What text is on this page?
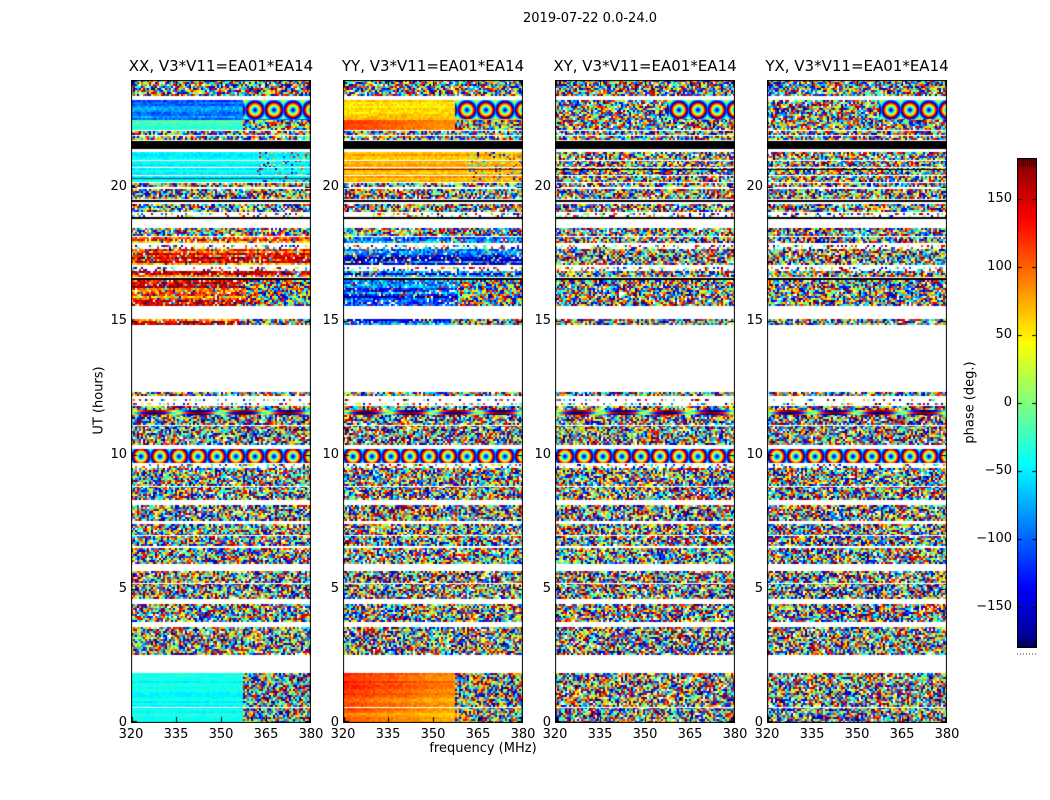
2019-07-22 0.0-24.0
XX, V3*V11=EA01*EA14	YY, V3*V11=EA01*EA14	XY, V3*V11=EA01*EA14	YX, V3*V11=EA01*EA14
UT (hours)
frequency (MHz)
320 335 350 365 380
0
5
10
15
20
320 335 350 365 380
0
5
10
15
20
320 335 350 365 380
0
5
10
15
20
320 335 350 365 380
0
5
10
15
20
150
100
50
0
−50
−100
−150
phase (deg.)
